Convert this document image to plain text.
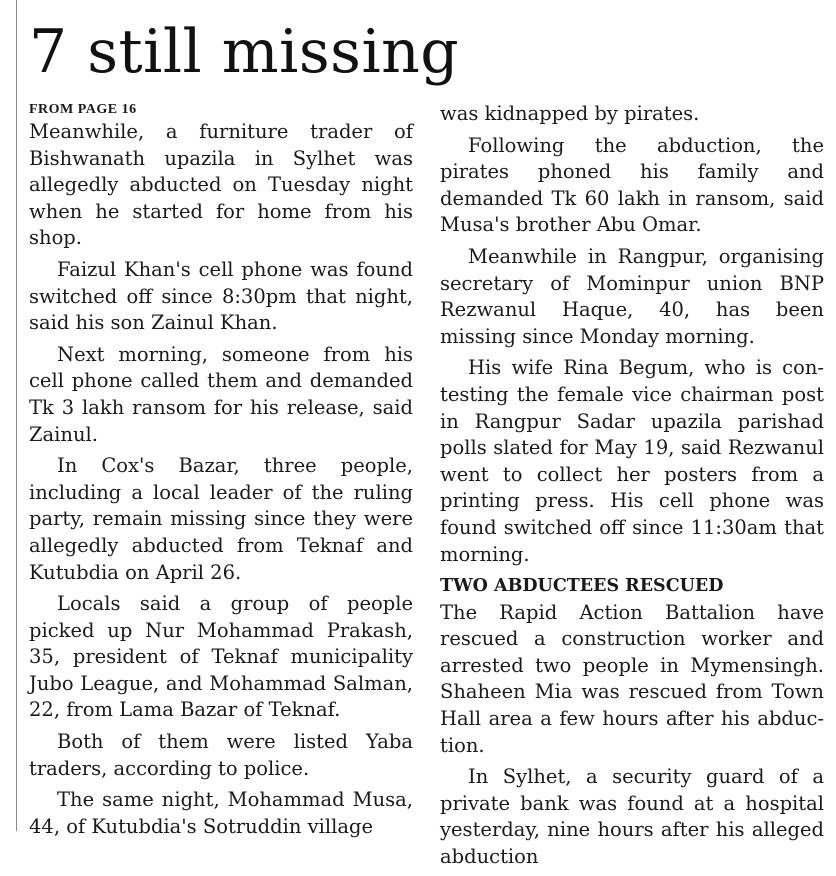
7 still missing
FROM PAGE 16

Meanwhile, a furniture trader of Bishwanath upazila in Sylhet was allegedly abducted on Tuesday night when he started for home from his shop.

Faizul Khan's cell phone was found switched off since 8:30pm that night, said his son Zainul Khan.

Next morning, someone from his cell phone called them and demanded Tk 3 lakh ransom for his release, said Zainul.

In Cox's Bazar, three people, including a local leader of the ruling party, remain missing since they were allegedly abducted from Teknaf and Kutubdia on April 26.

Locals said a group of people picked up Nur Mohammad Prakash, 35, president of Teknaf municipality Jubo League, and Mohammad Salman, 22, from Lama Bazar of Teknaf.

Both of them were listed Yaba traders, according to police.

The same night, Mohammad Musa, 44, of Kutubdia's Sotruddin village

was kidnapped by pirates.

Following the abduction, the pirates phoned his family and demanded Tk 60 lakh in ransom, said Musa's brother Abu Omar.

Meanwhile in Rangpur, organising secretary of Mominpur union BNP Rezwanul Haque, 40, has been missing since Monday morning.

His wife Rina Begum, who is contesting the female vice chairman post in Rangpur Sadar upazila parishad polls slated for May 19, said Rezwanul went to collect her posters from a printing press. His cell phone was found switched off since 11:30am that morning.

TWO ABDUCTEES RESCUED

The Rapid Action Battalion have rescued a construction worker and arrested two people in Mymensingh. Shaheen Mia was rescued from Town Hall area a few hours after his abduction.

In Sylhet, a security guard of a private bank was found at a hospital yesterday, nine hours after his alleged abduction
